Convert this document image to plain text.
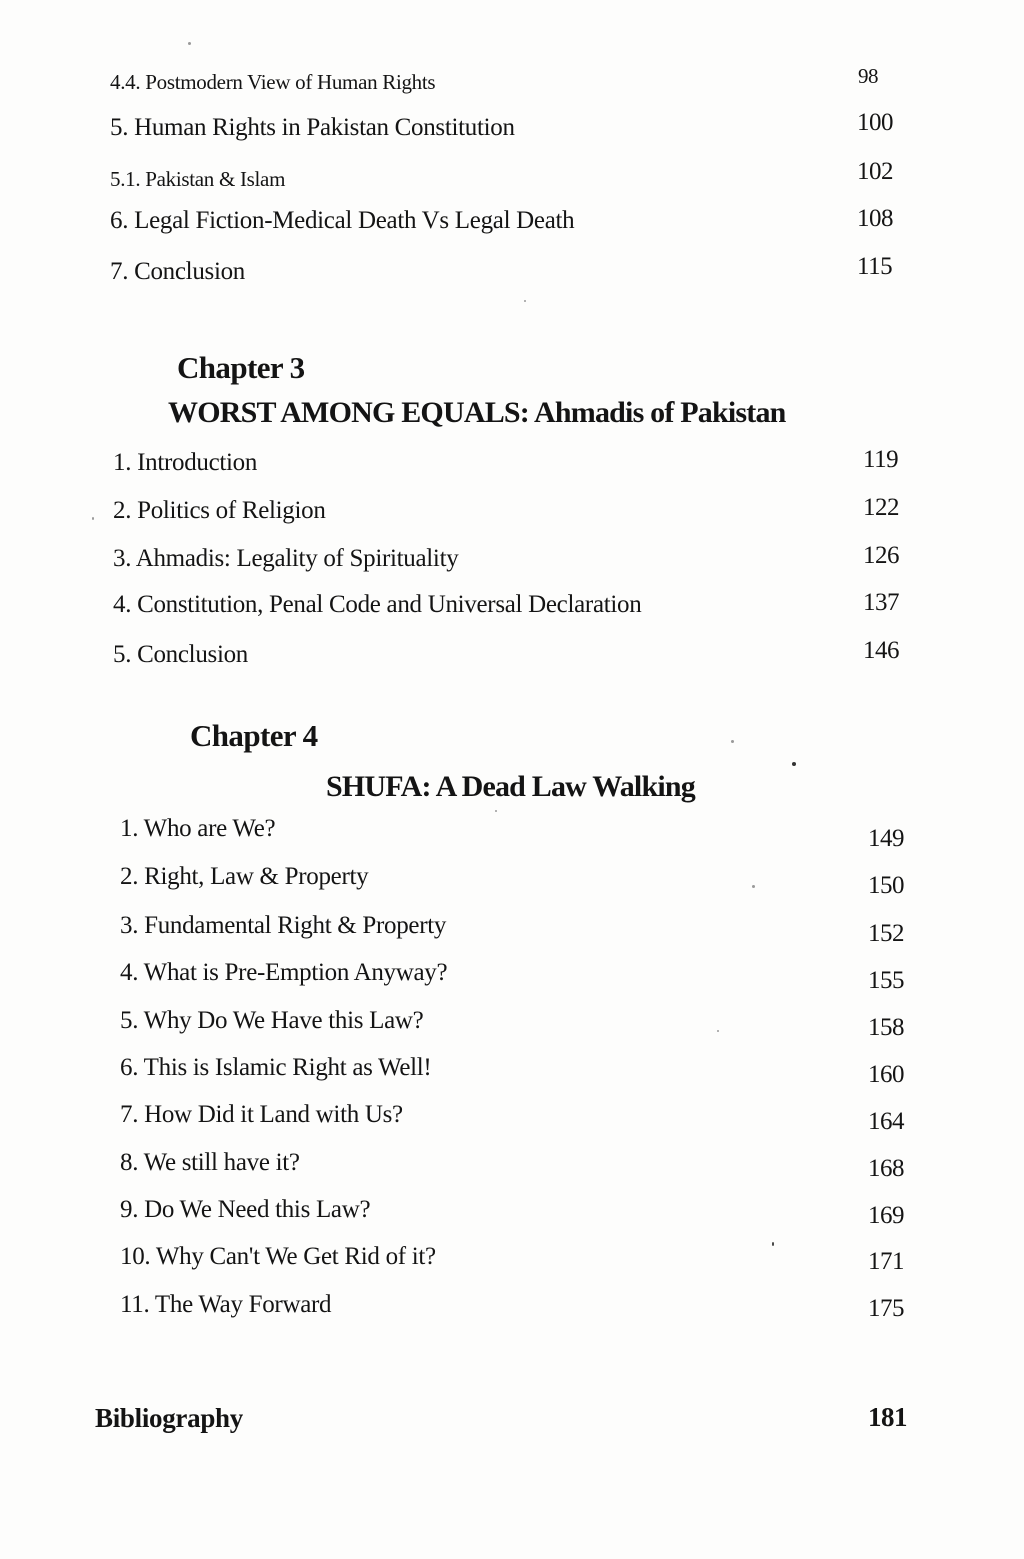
4.4. Postmodern View of Human Rights	98
5. Human Rights in Pakistan Constitution	100
5.1. Pakistan & Islam	102
6. Legal Fiction-Medical Death Vs Legal Death	108
7. Conclusion	115
Chapter 3
WORST AMONG EQUALS: Ahmadis of Pakistan
1. Introduction	119
2. Politics of Religion	122
3. Ahmadis: Legality of Spirituality	126
4. Constitution, Penal Code and Universal Declaration	137
5. Conclusion	146
Chapter 4
SHUFA: A Dead Law Walking
1. Who are We?	149
2. Right, Law & Property	150
3. Fundamental Right & Property	152
4. What is Pre-Emption Anyway?	155
5. Why Do We Have this Law?	158
6. This is Islamic Right as Well!	160
7. How Did it Land with Us?	164
8. We still have it?	168
9. Do We Need this Law?	169
10. Why Can't We Get Rid of it?	171
11. The Way Forward	175
Bibliography	181
